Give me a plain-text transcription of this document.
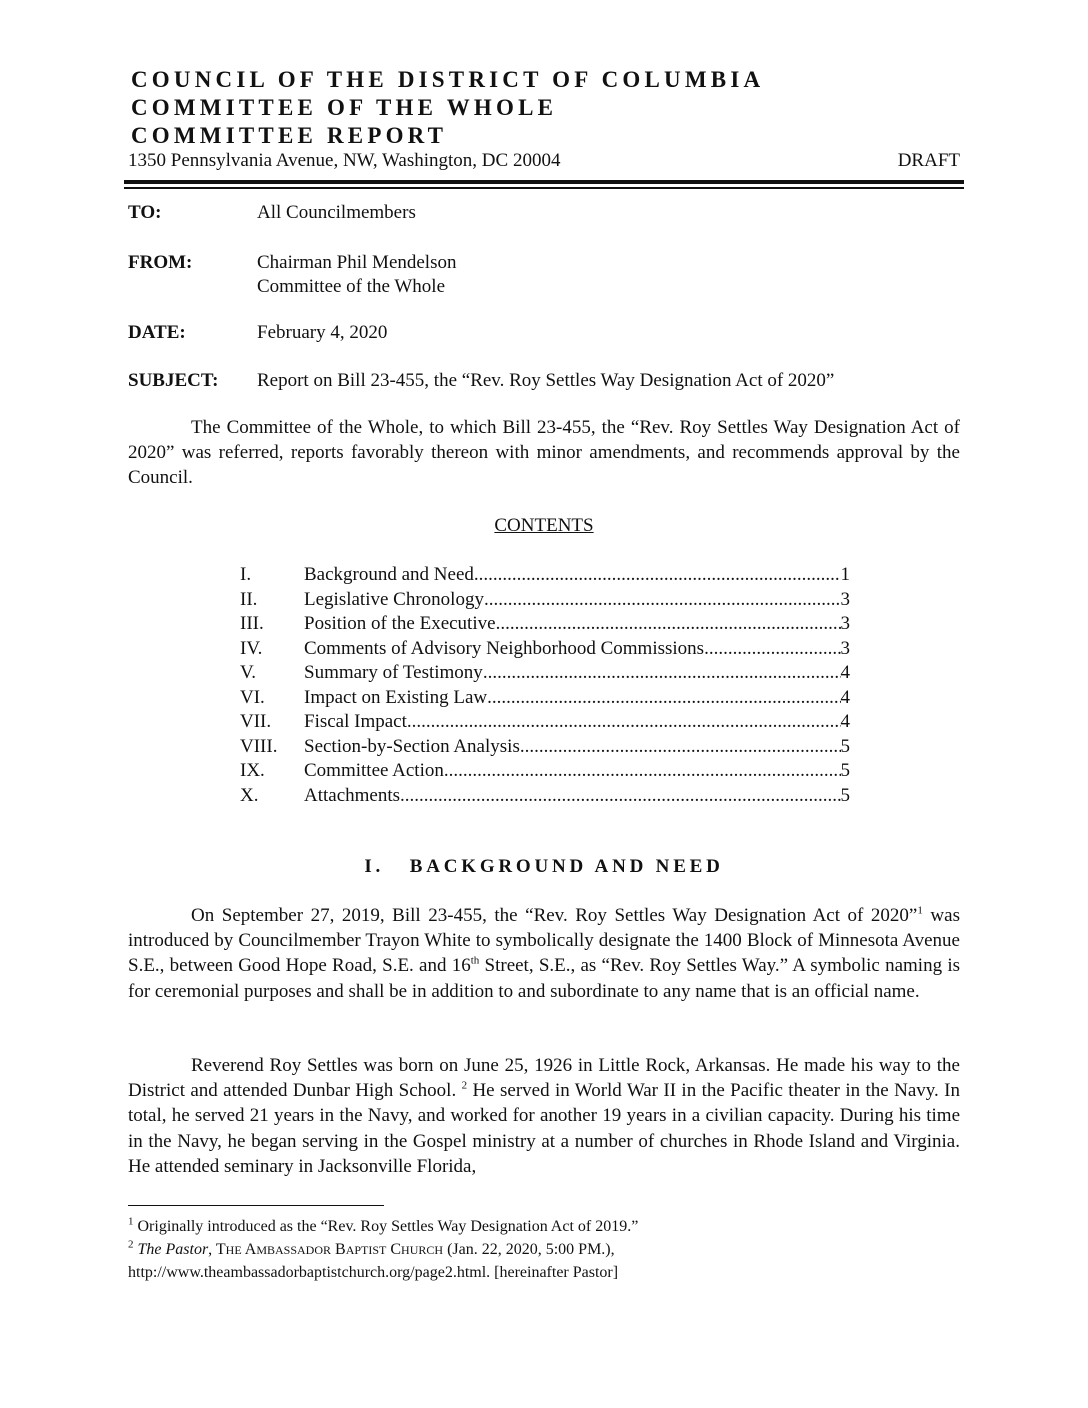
COUNCIL OF THE DISTRICT OF COLUMBIA
COMMITTEE OF THE WHOLE
COMMITTEE REPORT
1350 Pennsylvania Avenue, NW, Washington, DC 20004	DRAFT
TO:	All Councilmembers
FROM:	Chairman Phil Mendelson
Committee of the Whole
DATE:	February 4, 2020
SUBJECT: Report on Bill 23-455, the “Rev. Roy Settles Way Designation Act of 2020”
The Committee of the Whole, to which Bill 23-455, the “Rev. Roy Settles Way Designation Act of 2020” was referred, reports favorably thereon with minor amendments, and recommends approval by the Council.
CONTENTS
I.	Background and Need .....	1
II.	Legislative Chronology .....	3
III.	Position of the Executive .....	3
IV.	Comments of Advisory Neighborhood Commissions .....	3
V.	Summary of Testimony .....	4
VI.	Impact on Existing Law .....	4
VII.	Fiscal Impact .....	4
VIII.	Section-by-Section Analysis .....	5
IX.	Committee Action .....	5
X.	Attachments .....	5
I.   BACKGROUND AND NEED
On September 27, 2019, Bill 23-455, the “Rev. Roy Settles Way Designation Act of 2020”$^1$ was introduced by Councilmember Trayon White to symbolically designate the 1400 Block of Minnesota Avenue S.E., between Good Hope Road, S.E. and 16th Street, S.E., as “Rev. Roy Settles Way.” A symbolic naming is for ceremonial purposes and shall be in addition to and subordinate to any name that is an official name.
Reverend Roy Settles was born on June 25, 1926 in Little Rock, Arkansas. He made his way to the District and attended Dunbar High School. $^2$ He served in World War II in the Pacific theater in the Navy. In total, he served 21 years in the Navy, and worked for another 19 years in a civilian capacity. During his time in the Navy, he began serving in the Gospel ministry at a number of churches in Rhode Island and Virginia. He attended seminary in Jacksonville Florida,
$^1$ Originally introduced as the “Rev. Roy Settles Way Designation Act of 2019.”
$^2$ The Pastor, THE AMBASSADOR BAPTIST CHURCH (Jan. 22, 2020, 5:00 PM.),
http://www.theambassadorbaptistchurch.org/page2.html. [hereinafter Pastor]
